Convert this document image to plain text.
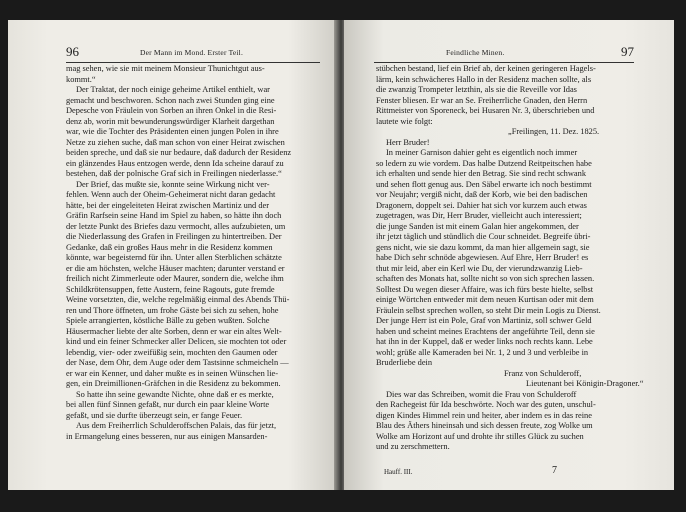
96	Der Mann im Mond. Erster Teil.
mag sehen, wie sie mit meinem Monsieur Thunichtgut aus-
kommt.“
Der Traktat, der noch einige geheime Artikel enthielt, war
gemacht und beschworen. Schon nach zwei Stunden ging eine
Depesche von Fräulein von Sorben an ihren Onkel in die Resi-
denz ab, worin mit bewunderungswürdiger Klarheit dargethan
war, wie die Tochter des Präsidenten einen jungen Polen in ihre
Netze zu ziehen suche, daß man schon von einer Heirat zwischen
beiden spreche, und daß sie nur bedaure, daß dadurch der Residenz
ein glänzendes Haus entzogen werde, denn Ida scheine darauf zu
bestehen, daß der polnische Graf sich in Freilingen niederlasse.“
Der Brief, das mußte sie, konnte seine Wirkung nicht ver-
fehlen. Wenn auch der Oheim-Geheimerat nicht daran gedacht
hätte, bei der eingeleiteten Heirat zwischen Martiniz und der
Gräfin Rarfsein seine Hand im Spiel zu haben, so hätte ihn doch
der letzte Punkt des Briefes dazu vermocht, alles aufzubieten, um
die Niederlassung des Grafen in Freilingen zu hintertreiben. Der
Gedanke, daß ein großes Haus mehr in die Residenz kommen
könnte, war begeisternd für ihn. Unter allen Sterblichen schätzte
er die am höchsten, welche Häuser machten; darunter verstand er
freilich nicht Zimmerleute oder Maurer, sondern die, welche ihm
Schildkrötensuppen, fette Austern, feine Ragouts, gute fremde
Weine vorsetzten, die, welche regelmäßig einmal des Abends Thü-
ren und Thore öffneten, um frohe Gäste bei sich zu sehen, hohe
Spiele arrangierten, köstliche Bälle zu geben wußten. Solche
Häusermacher liebte der alte Sorben, denn er war ein altes Welt-
kind und ein feiner Schmecker aller Delicen, sie mochten tot oder
lebendig, vier- oder zweifüßig sein, mochten den Gaumen oder
der Nase, dem Ohr, dem Auge oder dem Tastsinne schmeicheln —
er war ein Kenner, und daher mußte es in seinen Wünschen lie-
gen, ein Dreimillionen-Gräfchen in die Residenz zu bekommen.
So hatte ihn seine gewandte Nichte, ohne daß er es merkte,
bei allen fünf Sinnen gefaßt, nur durch ein paar kleine Worte
gefaßt, und sie durfte überzeugt sein, er fange Feuer.
Aus dem Freiherrlich Schulderoffschen Palais, das für jetzt,
in Ermangelung eines besseren, nur aus einigen Mansarden-
Feindliche Minen.	97
stübchen bestand, lief ein Brief ab, der keinen geringeren Hagels-
lärm, kein schwächeres Hallo in der Residenz machen sollte, als
die zwanzig Trompeter letzthin, als sie die Reveille vor Idas
Fenster bliesen. Er war an Se. Freiherrliche Gnaden, den Herrn
Rittmeister von Sporeneck, bei Husaren Nr. 3, überschrieben und
lautete wie folgt:
„Freilingen, 11. Dez. 1825.
Herr Bruder!
In meiner Garnison dahier geht es eigentlich noch immer
so ledern zu wie vordem. Das halbe Dutzend Reitpeitschen habe
ich erhalten und sende hier den Betrag. Sie sind recht schwank
und sehen flott genug aus. Den Säbel erwarte ich noch bestimmt
vor Neujahr; vergiß nicht, daß der Korb, wie bei den badischen
Dragonern, doppelt sei. Dahier hat sich vor kurzem auch etwas
zugetragen, was Dir, Herr Bruder, vielleicht auch interessiert;
die junge Sanden ist mit einem Galan hier angekommen, der
ihr jetzt täglich und stündlich die Cour schneidet. Begreife übri-
gens nicht, wie sie dazu kommt, da man hier allgemein sagt, sie
habe Dich sehr schnöde abgewiesen. Auf Ehre, Herr Bruder! es
thut mir leid, aber ein Kerl wie Du, der vierundzwanzig Lieb-
schaften des Monats hat, sollte nicht so von sich sprechen lassen.
Solltest Du wegen dieser Affaire, was ich fürs beste hielte, selbst
einige Wörtchen entweder mit dem neuen Kurtisan oder mit dem
Fräulein selbst sprechen wollen, so steht Dir mein Logis zu Dienst.
Der junge Herr ist ein Pole, Graf von Martiniz, soll schwer Geld
haben und scheint meines Erachtens der angeführte Teil, denn sie
hat ihn in der Kuppel, daß er weder links noch rechts kann. Lebe
wohl; grüße alle Kameraden bei Nr. 1, 2 und 3 und verbleibe in
Bruderliebe dein
Franz von Schulderoff,
Lieutenant bei Königin-Dragoner.“
Dies war das Schreiben, womit die Frau von Schulderoff
den Rachegeist für Ida beschwörte. Noch war des guten, unschul-
digen Kindes Himmel rein und heiter, aber indem es in das reine
Blau des Äthers hineinsah und sich dessen freute, zog Wolke um
Wolke am Horizont auf und drohte ihr stilles Glück zu suchen
und zu zerschmettern.
Hauff. III.	7
